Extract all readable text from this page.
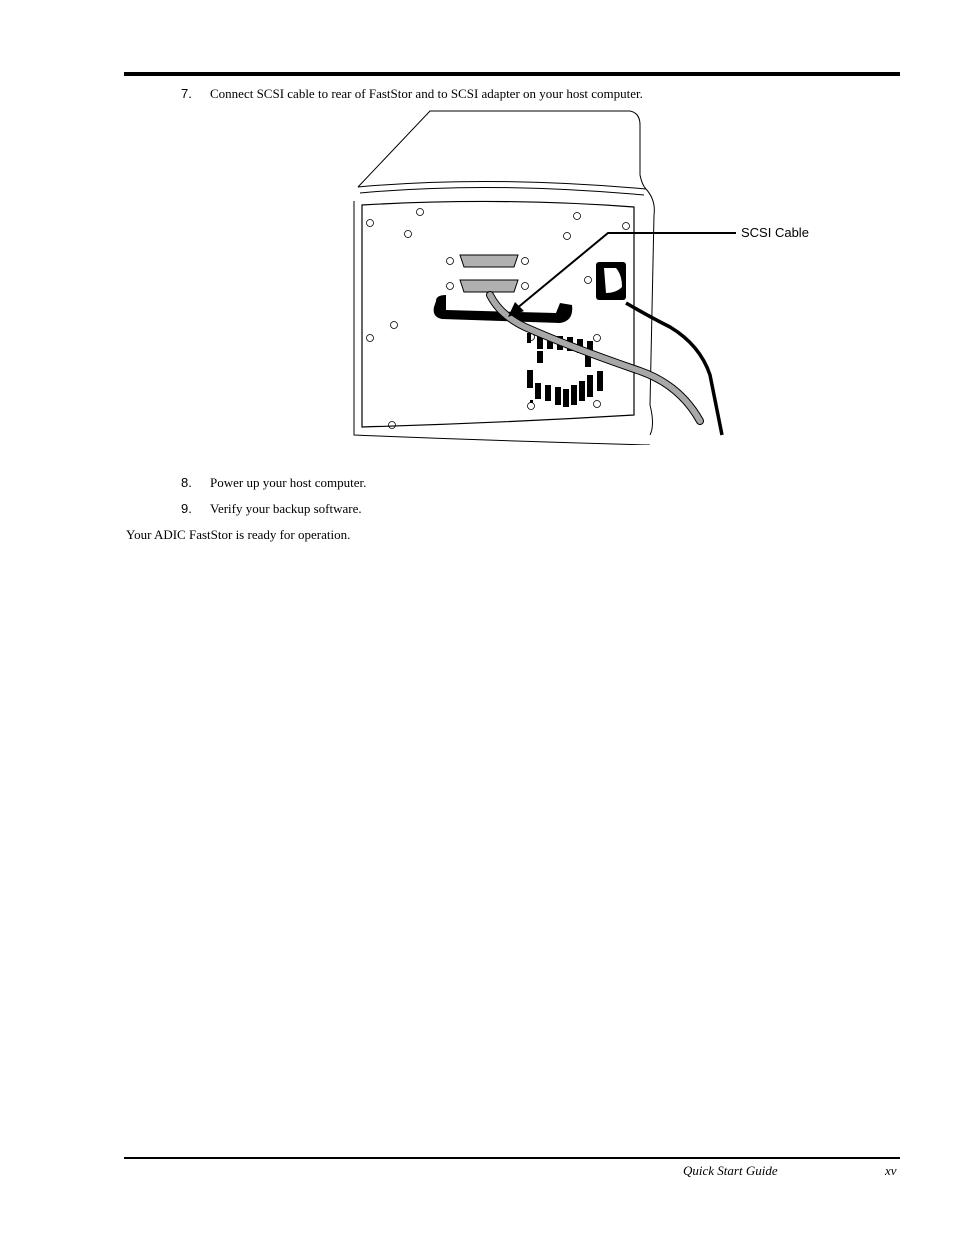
7. Connect SCSI cable to rear of FastStor and to SCSI adapter on your host computer.
SCSI Cable
8. Power up your host computer.
9. Verify your backup software.
Your ADIC FastStor is ready for operation.
Quick Start Guide	xv
